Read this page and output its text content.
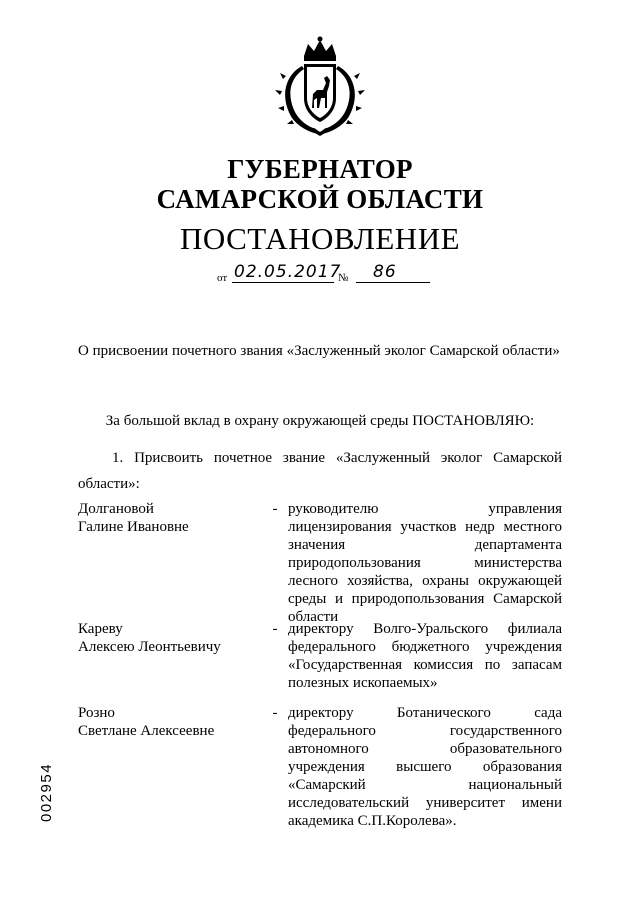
ГУБЕРНАТОР
САМАРСКОЙ ОБЛАСТИ
ПОСТАНОВЛЕНИЕ
от 02.05.2017
№ 86
О присвоении почетного звания «Заслуженный эколог Самарской области»
За большой вклад в охрану окружающей среды ПОСТАНОВЛЯЮ:
1. Присвоить почетное звание «Заслуженный эколог Самарской области»:
Долгановой
Галине Ивановне
- руководителю управления лицензирования участков недр местного значения департамента природопользования министерства лесного хозяйства, охраны окружающей среды и природопользования Самарской области
Кареву
Алексею Леонтьевичу
- директору Волго-Уральского филиала федерального бюджетного учреждения «Государственная комиссия по запасам полезных ископаемых»
Розно
Светлане Алексеевне
- директору Ботанического сада федерального государственного автономного образовательного учреждения высшего образования «Самарский национальный исследовательский университет имени академика С.П.Королева».
002954
